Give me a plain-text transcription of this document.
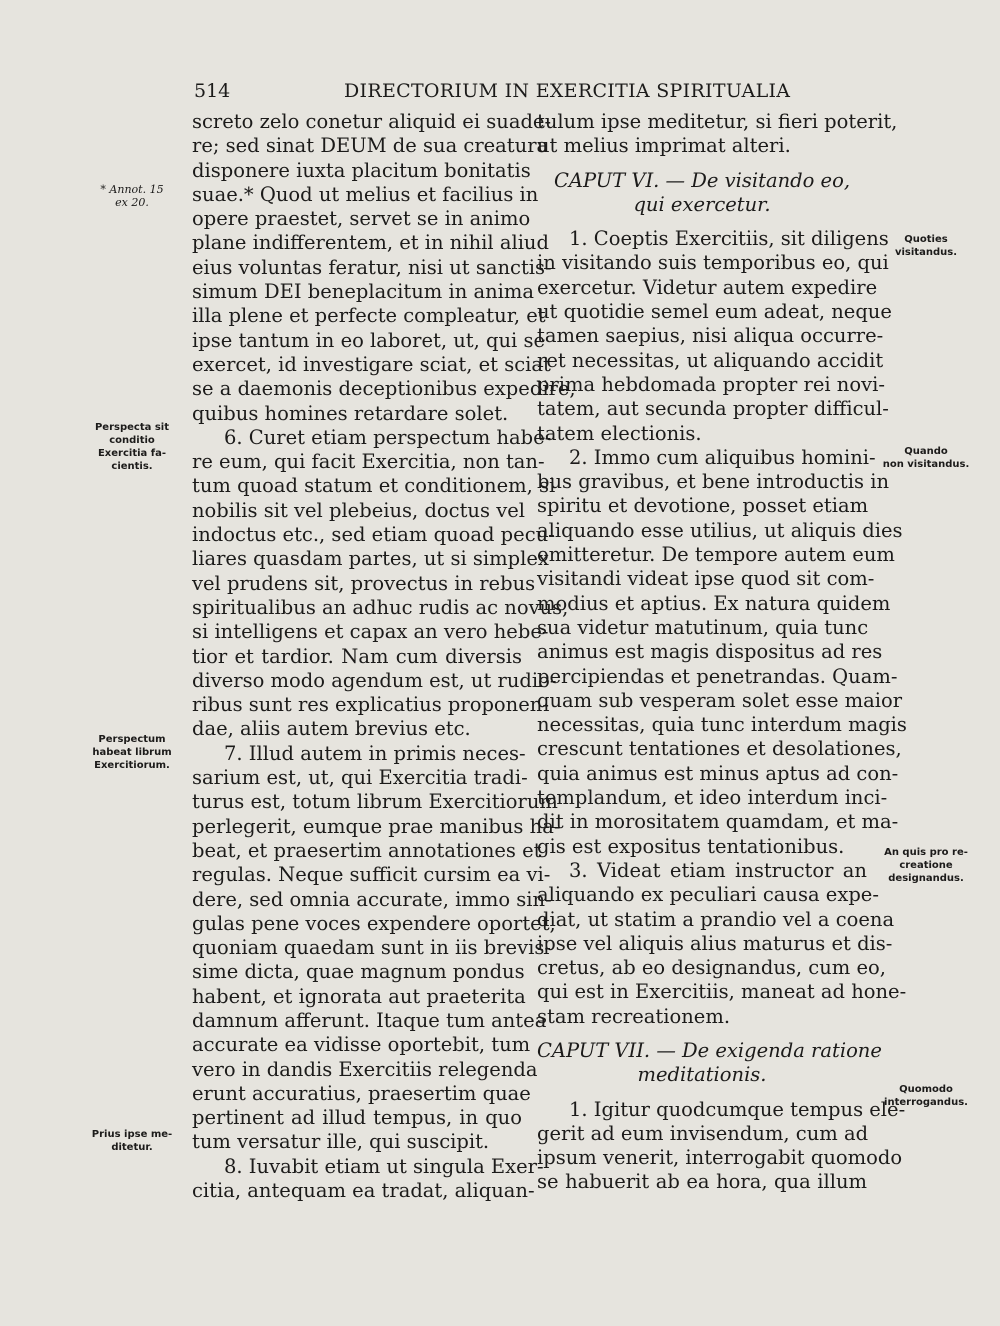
514	DIRECTORIUM IN EXERCITIA SPIRITUALIA
* Annot. 15
ex 20.
Perspecta sit
conditio
Exercitia fa-
cientis.
Perspectum
habeat librum
Exercitiorum.
Prius ipse me-
ditetur.
Quoties
visitandus.
Quando
non visitandus.
An quis pro re-
creatione
designandus.
Quomodo
interrogandus.
screto zelo conetur aliquid ei suade-
re; sed sinat DEUM de sua creatura
disponere iuxta placitum bonitatis
suae.* Quod ut melius et facilius in
opere praestet, servet se in animo
plane indifferentem, et in nihil aliud
eius voluntas feratur, nisi ut sanctis-
simum DEI beneplacitum in anima
illa plene et perfecte compleatur, et
ipse tantum in eo laboret, ut, qui se
exercet, id investigare sciat, et sciat
se a daemonis deceptionibus expedire,
quibus homines retardare solet.
6. Curet etiam perspectum habe-
re eum, qui facit Exercitia, non tan-
tum quoad statum et conditionem, si
nobilis sit vel plebeius, doctus vel
indoctus etc., sed etiam quoad pecu-
liares quasdam partes, ut si simplex
vel prudens sit, provectus in rebus
spiritualibus an adhuc rudis ac novus,
si intelligens et capax an vero hebe-
tior et tardior. Nam cum diversis
diverso modo agendum est, ut rudio-
ribus sunt res explicatius proponen-
dae, aliis autem brevius etc.
7. Illud autem in primis neces-
sarium est, ut, qui Exercitia tradi-
turus est, totum librum Exercitiorum
perlegerit, eumque prae manibus ha-
beat, et praesertim annotationes et
regulas. Neque sufficit cursim ea vi-
dere, sed omnia accurate, immo sin-
gulas pene voces expendere oportet,
quoniam quaedam sunt in iis brevis-
sime dicta, quae magnum pondus
habent, et ignorata aut praeterita
damnum afferunt. Itaque tum antea
accurate ea vidisse oportebit, tum
vero in dandis Exercitiis relegenda
erunt accuratius, praesertim quae
pertinent ad illud tempus, in quo
tum versatur ille, qui suscipit.
8. Iuvabit etiam ut singula Exer-
citia, antequam ea tradat, aliquan-
tulum ipse meditetur, si fieri poterit,
ut melius imprimat alteri.
CAPUT VI. — De visitando eo,
qui exercetur.
1. Coeptis Exercitiis, sit diligens
in visitando suis temporibus eo, qui
exercetur. Videtur autem expedire
ut quotidie semel eum adeat, neque
tamen saepius, nisi aliqua occurre-
ret necessitas, ut aliquando accidit
prima hebdomada propter rei novi-
tatem, aut secunda propter difficul-
tatem electionis.
2. Immo cum aliquibus homini-
bus gravibus, et bene introductis in
spiritu et devotione, posset etiam
aliquando esse utilius, ut aliquis dies
omitteretur. De tempore autem eum
visitandi videat ipse quod sit com-
modius et aptius. Ex natura quidem
sua videtur matutinum, quia tunc
animus est magis dispositus ad res
percipiendas et penetrandas. Quam-
quam sub vesperam solet esse maior
necessitas, quia tunc interdum magis
crescunt tentationes et desolationes,
quia animus est minus aptus ad con-
templandum, et ideo interdum inci-
dit in morositatem quamdam, et ma-
gis est expositus tentationibus.
3. Videat etiam instructor an
aliquando ex peculiari causa expe-
diat, ut statim a prandio vel a coena
ipse vel aliquis alius maturus et dis-
cretus, ab eo designandus, cum eo,
qui est in Exercitiis, maneat ad hone-
stam recreationem.
CAPUT VII. — De exigenda ratione
meditationis.
1. Igitur quodcumque tempus ele-
gerit ad eum invisendum, cum ad
ipsum venerit, interrogabit quomodo
se habuerit ab ea hora, qua illum
